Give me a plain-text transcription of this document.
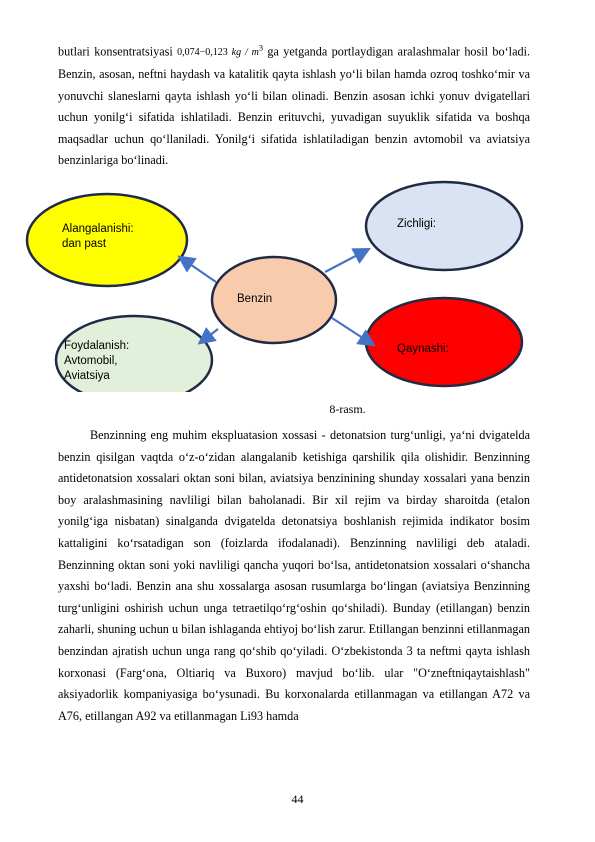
butlari konsentratsiyasi 0,074−0,123 kg / $m^3$ ga yetganda portlaydigan aralashmalar hosil bo‘ladi. Benzin, asosan, neftni haydash va katalitik qayta ishlash yo‘li bilan hamda ozroq toshko‘mir va yonuvchi slaneslarni qayta ishlash yo‘li bilan olinadi. Benzin asosan ichki yonuv dvigatellari uchun yonilg‘i sifatida ishlatiladi. Benzin erituvchi, yuvadigan suyuklik sifatida va boshqa maqsadlar uchun qo‘llaniladi. Yonilg‘i sifatida ishlatiladigan benzin avtomobil va aviatsiya benzinlariga bo‘linadi.

Alangalanishi:
dan past
Zichligi:
Benzin
Foydalanish:
Avtomobil,
Aviatsiya
Qaynashi:
8-rasm.

Benzinning eng muhim ekspluatasion xossasi - detonatsion turg‘unligi, ya‘ni dvigatelda benzin qisilgan vaqtda o‘z-o‘zidan alangalanib ketishiga qarshilik qila olishidir. Benzinning antidetonatsion xossalari oktan soni bilan, aviatsiya benzinining shunday xossalari yana benzin boy aralashmasining navliligi bilan baholanadi. Bir xil rejim va birday sharoitda (etalon yonilg‘iga nisbatan) sinalganda dvigatelda detonatsiya boshlanish rejimida indikator bosim kattaligini ko‘rsatadigan son (foizlarda ifodalanadi). Benzinning navliligi deb ataladi. Benzinning oktan soni yoki navliligi qancha yuqori bo‘lsa, antidetonatsion xossalari o‘shancha yaxshi bo‘ladi. Benzin ana shu xossalarga asosan rusumlarga bo‘lingan (aviatsiya Benzinning turg‘unligini oshirish uchun unga tetraetilqo‘rg‘oshin qo‘shiladi). Bunday (etillangan) benzin zaharli, shuning uchun u bilan ishlaganda ehtiyoj bo‘lish zarur. Etillangan benzinni etillanmagan benzindan ajratish uchun unga rang qo‘shib qo‘yiladi. O‘zbekistonda 3 ta neftmi qayta ishlash korxonasi (Farg‘ona, Oltiariq va Buxoro) mavjud bo‘lib. ular "O‘zneftniqaytaishlash" aksiyadorlik kompaniyasiga bo‘ysunadi. Bu korxonalarda etillanmagan va etillangan A72 va A76, etillangan A92 va etillanmagan Li93 hamda

44
